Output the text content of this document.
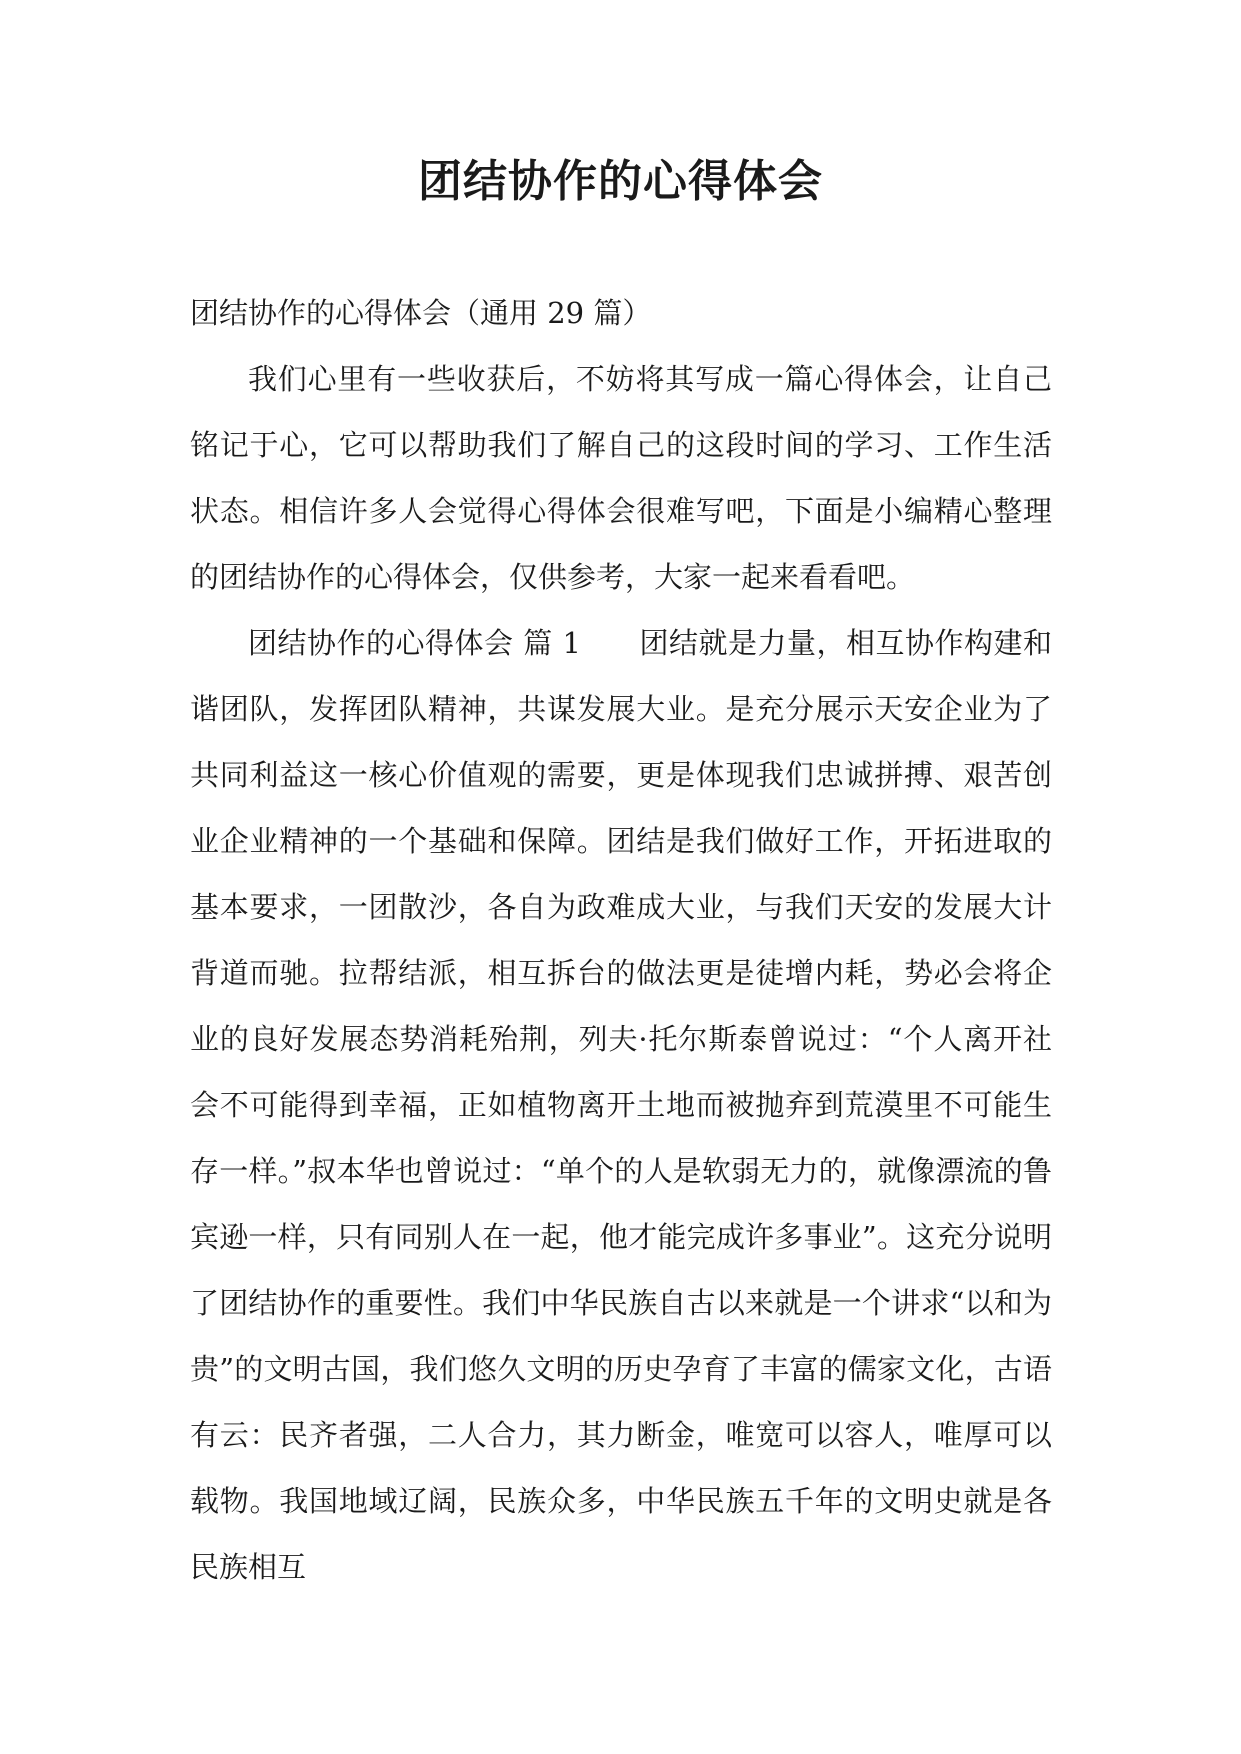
团结协作的心得体会

团结协作的心得体会（通用 29 篇）

我们心里有一些收获后，不妨将其写成一篇心得体会，让自己铭记于心，它可以帮助我们了解自己的这段时间的学习、工作生活状态。相信许多人会觉得心得体会很难写吧，下面是小编精心整理的团结协作的心得体会，仅供参考，大家一起来看看吧。

团结协作的心得体会 篇 1 团结就是力量，相互协作构建和谐团队，发挥团队精神，共谋发展大业。是充分展示天安企业为了共同利益这一核心价值观的需要，更是体现我们忠诚拼搏、艰苦创业企业精神的一个基础和保障。团结是我们做好工作，开拓进取的基本要求，一团散沙，各自为政难成大业，与我们天安的发展大计背道而驰。拉帮结派，相互拆台的做法更是徒增内耗，势必会将企业的良好发展态势消耗殆荆，列夫·托尔斯泰曾说过：“个人离开社会不可能得到幸福，正如植物离开土地而被抛弃到荒漠里不可能生存一样。”叔本华也曾说过：“单个的人是软弱无力的，就像漂流的鲁宾逊一样，只有同别人在一起，他才能完成许多事业”。这充分说明了团结协作的重要性。我们中华民族自古以来就是一个讲求“以和为贵”的文明古国，我们悠久文明的历史孕育了丰富的儒家文化，古语有云：民齐者强，二人合力，其力断金，唯宽可以容人，唯厚可以载物。我国地域辽阔，民族众多，中华民族五千年的文明史就是各民族相互
